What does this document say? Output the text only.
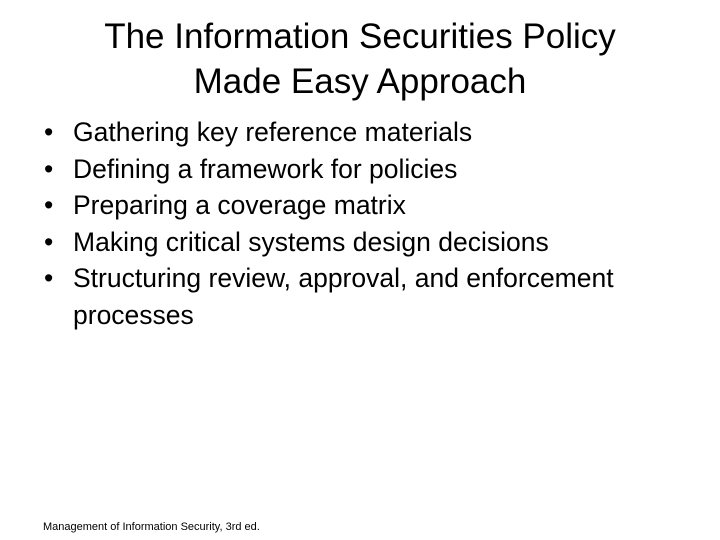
The Information Securities Policy
Made Easy Approach
• Gathering key reference materials
• Defining a framework for policies
• Preparing a coverage matrix
• Making critical systems design decisions
• Structuring review, approval, and enforcement processes
Management of Information Security, 3rd ed.
